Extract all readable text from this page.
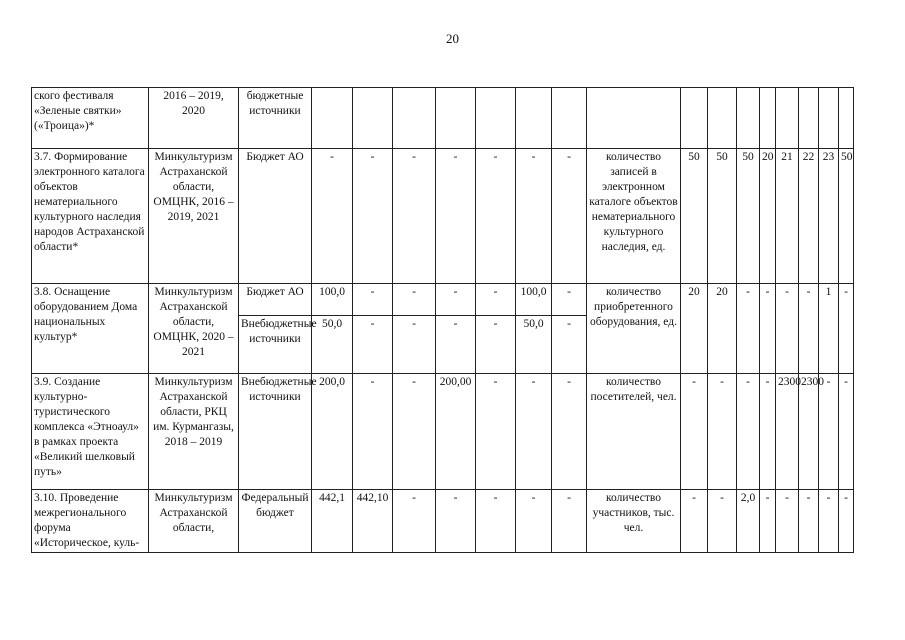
20
ского фестиваля «Зеленые святки» («Троица»)*	2016 – 2019, 2020	бюджетные источники																
3.7. Формирование электронного каталога объектов нематериального культурного наследия народов Астраханской области*	Минкультуризм Астраханской области, ОМЦНК, 2016 – 2019, 2021	Бюджет АО	-	-	-	-	-	-	-	количество записей в электронном каталоге объектов нематериального культурного наследия, ед.	50	50	50	20	21	22	23	50
3.8. Оснащение оборудованием Дома национальных культур*	Минкультуризм Астраханской области, ОМЦНК, 2020 – 2021	Бюджет АО	100,0	-	-	-	-	100,0	-	количество приобретенного оборудования, ед.	20	20	-	-	-	-	1	-
		Внебюджетные источники	50,0	-	-	-	-	50,0	-									
3.9. Создание культурно-туристического комплекса «Этноаул» в рамках проекта «Великий шелковый путь»	Минкультуризм Астраханской области, РКЦ им. Курмангазы, 2018 – 2019	Внебюджетные источники	200,0	-	-	200,00	-	-	-	количество посетителей, чел.	-	-	-	-	2300	2300	-	-
3.10. Проведение межрегионального форума «Историческое, куль-	Минкультуризм Астраханской области,	Федеральный бюджет	442,1	442,10	-	-	-	-	-	количество участников, тыс. чел.	-	-	2,0	-	-	-	-	-
